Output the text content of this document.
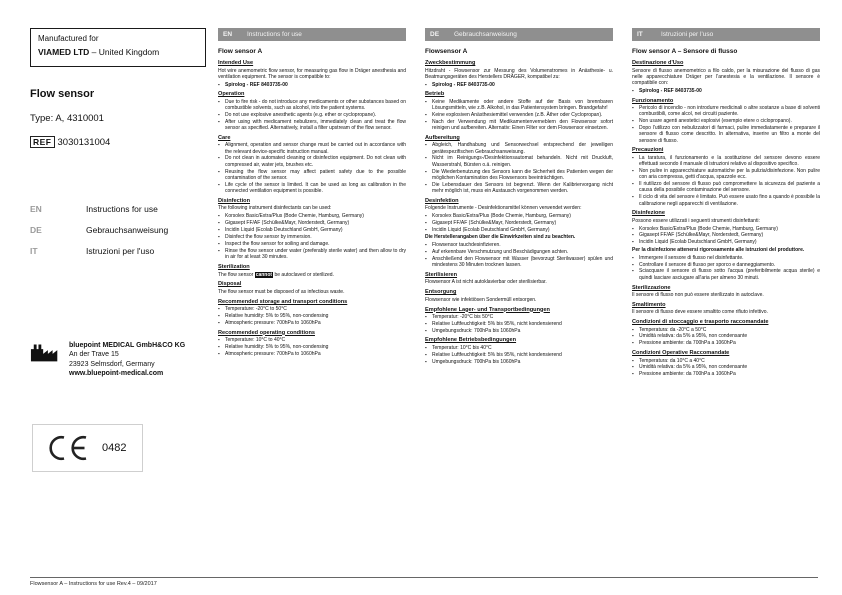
Manufactured for
VIAMED LTD – United Kingdom
Flow sensor
Type: A, 4310001
REF 3030131004
EN	Instructions for use
DE	Gebrauchsanweisung
IT	Istruzioni per l'uso
bluepoint MEDICAL GmbH&CO KG
An der Trave 15
23923 Selmsdorf, Germany
www.bluepoint-medical.com
0482
EN	Instructions for use
Flow sensor A
Intended Use

Hot wire anemometric flow sensor, for measuring gas flow in Dräger anesthesia and ventilation equipment. The sensor is compatible to:

▪ Spirolog - REF 8403735-00
Operation
▪ Due to fire risk - do not introduce any medicaments or other substances based on combustible solvents, such as alcohol, into the patient systems.
▪ Do not use explosive anesthetic agents (e.g. ether or cyclopropane).
▪ After using with medicament nebulizers, immediately clean and treat the flow sensor as specified. Alternatively, install a filter upstream of the flow sensor.
Care
▪ Alignment, operation and sensor change must be carried out in accordance with the relevant device-specific instruction manual.
▪ Do not clean in automated cleaning or disinfection equipment. Do not clean with compressed air, water jets, brushes etc.
▪ Reusing the flow sensor may affect patient safety due to the possible contamination of the sensor.
▪ Life cycle of the sensor is limited. It can be used as long as calibration in the connected ventilation equipment is possible.
Disinfection

The following instrument disinfectants can be used:

▪ Korsolex Basic/Extra/Plus (Bode Chemie, Hamburg, Germany)
▪ Gigasept FF/AF (Schülke&Mayr, Norderstedt, Germany)
▪ Incidin Liquid (Ecolab Deutschland GmbH, Germany)
▪ Disinfect the flow sensor by immersion.
▪ Inspect the flow sensor for soiling and damage.
▪ Rinse the flow sensor under water (preferably sterile water) and then allow to dry in air for at least 30 minutes.
Sterilization

The flow sensor cannot be autoclaved or sterilized.

Disposal

The flow sensor must be disposed of as infectious waste.

Recommended storage and transport conditions
▪ Temperature: -20°C to 50°C
▪ Relative humidity: 5% to 95%, non-condensing
▪ Atmospheric pressure: 700hPa to 1060hPa
Recommended operating conditions
▪ Temperature: 10°C to 40°C
▪ Relative humidity: 5% to 95%, non-condensing
▪ Atmospheric pressure: 700hPa to 1060hPa
DE	Gebrauchsanweisung
Flowsensor A
Zweckbestimmung

Hitzdraht - Flowsensor zur Messung des Volumenstromes in Anästhesie- u. Beatmungsgeräten des Herstellers DRÄGER, kompatibel zu:

▪ Spirolog - REF 8403735-00
Betrieb
▪ Keine Medikamente oder andere Stoffe auf der Basis von brennbaren Lösungsmitteln, wie z.B. Alkohol, in das Patientensystem bringen. Brandgefahr!
▪ Keine explosiven Anästhesiemittel verwenden (z.B. Äther oder Cyclopropan).
▪ Nach der Verwendung mit Medikamentenverneblern den Flowsensor sofort reinigen und aufbereiten. Alternativ: Einen Filter vor dem Flowsensor einsetzen.
Aufbereitung
▪ Abgleich, Handhabung und Sensorwechsel entsprechend der jeweiligen gerätespezifischen Gebrauchsanweisung.
▪ Nicht im Reinigungs-/Desinfektionsautomat behandeln. Nicht mit Druckluft, Wasserstrahl, Bürsten o.ä. reinigen.
▪ Die Wiederbenutzung des Sensors kann die Sicherheit des Patienten wegen der möglichen Kontamination des Flowsensors beeinträchtigen.
▪ Die Lebensdauer des Sensors ist begrenzt. Wenn der Kalibriervorgang nicht mehr möglich ist, muss ein Austausch vorgenommen werden.
Desinfektion

Folgende Instrumente - Desinfektionsmittel können verwendet werden:

▪ Korsolex Basic/Extra/Plus (Bode Chemie, Hamburg, Germany)
▪ Gigasept FF/AF (Schülke&Mayr, Norderstedt, Germany)
▪ Incidin Liquid (Ecolab Deutschland GmbH, Germany)

Die Herstellerangaben über die Einwirkzeiten sind zu beachten.

▪ Flowsensor tauchdesinfizieren.
▪ Auf erkennbare Verschmutzung und Beschädigungen achten.
▪ Anschließend den Flowsensor mit Wasser (bevorzugt Sterilwasser) spülen und mindestens 30 Minuten trocknen lassen.
Sterilisieren

Flowsensor A ist nicht autoklavierbar oder sterilisierbar.

Entsorgung

Flowsensor wie infektiösen Sondermüll entsorgen.

Empfohlene Lager- und Transportbedingungen
▪ Temperatur: -20°C bis 50°C
▪ Relative Luftfeuchtigkeit: 5% bis 95%, nicht kondensierend
▪ Umgebungsdruck: 700hPa bis 1060hPa
Empfohlene Betriebsbedingungen
▪ Temperatur: 10°C bis 40°C
▪ Relative Luftfeuchtigkeit: 5% bis 95%, nicht kondensierend
▪ Umgebungsdruck: 700hPa bis 1060hPa
IT	Istruzioni per l'uso
Flow sensor A – Sensore di flusso
Destinazione d'Uso

Sensore di flusso anemometrico a filo caldo, per la misurazione del flusso di gas nelle apparecchiature Dräger per l'anestesia e la ventilazione. Il sensore è compatibile con:

▪ Spirolog - REF 8403735-00
Funzionamento
▪ Pericolo di incendio - non introdurre medicinali o altre sostanze a base di solventi combustibili, come alcol, nei circuiti paziente.
▪ Non usare agenti anestetici esplosivi (esempio etere o ciclopropano).
▪ Dopo l'utilizzo con nebulizzatori di farmaci, pulire immediatamente e preparare il sensore di flusso come descritto. In alternativa, inserire un filtro a monte del sensore di flusso.
Precauzioni
▪ La taratura, il funzionamento e la sostituzione del sensore devono essere effettuati secondo il manuale di istruzioni relativo al dispositivo specifico.
▪ Non pulire in apparecchiature automatiche per la pulizia/disinfezione. Non pulire con aria compressa, getti d'acqua, spazzole ecc.
▪ Il riutilizzo del sensore di flusso può compromettere la sicurezza del paziente a causa della possibile contaminazione del sensore.
▪ Il ciclo di vita del sensore è limitato. Può essere usato fino a quando è possibile la calibrazione negli apparecchi di ventilazione.
Disinfezione

Possono essere utilizzati i seguenti strumenti disinfettanti:

▪ Korsolex Basic/Extra/Plus (Bode Chemie, Hamburg, Germany)
▪ Gigasept FF/AF (Schülke&Mayr, Norderstedt, Germany)
▪ Incidin Liquid (Ecolab Deutschland GmbH, Germany)

Per la disinfezione attenersi rigorosamente alle istruzioni del produttore.

▪ Immergere il sensore di flusso nel disinfettante.
▪ Controllare il sensore di flusso per sporco e danneggiamento.
▪ Sciacquare il sensore di flusso sotto l'acqua (preferibilmente acqua sterile) e quindi lasciare asciugare all'aria per almeno 30 minuti.
Sterilizzazione

Il sensore di flusso non può essere sterilizzato in autoclave.

Smaltimento

Il sensore di flusso deve essere smaltito come rifiuto infettivo.

Condizioni di stoccaggio e trasporto raccomandate
▪ Temperatura: da -20°C a 50°C
▪ Umidità relativa: da 5% a 95%, non condensante
▪ Pressione ambiente: da 700hPa a 1060hPa
Condizioni Operative Raccomandate
▪ Temperatura: da 10°C a 40°C
▪ Umidità relativa: da 5% a 95%, non condensante
▪ Pressione ambiente: da 700hPa a 1060hPa
Flowsensor A – Instructions for use Rev.4 – 09/2017
